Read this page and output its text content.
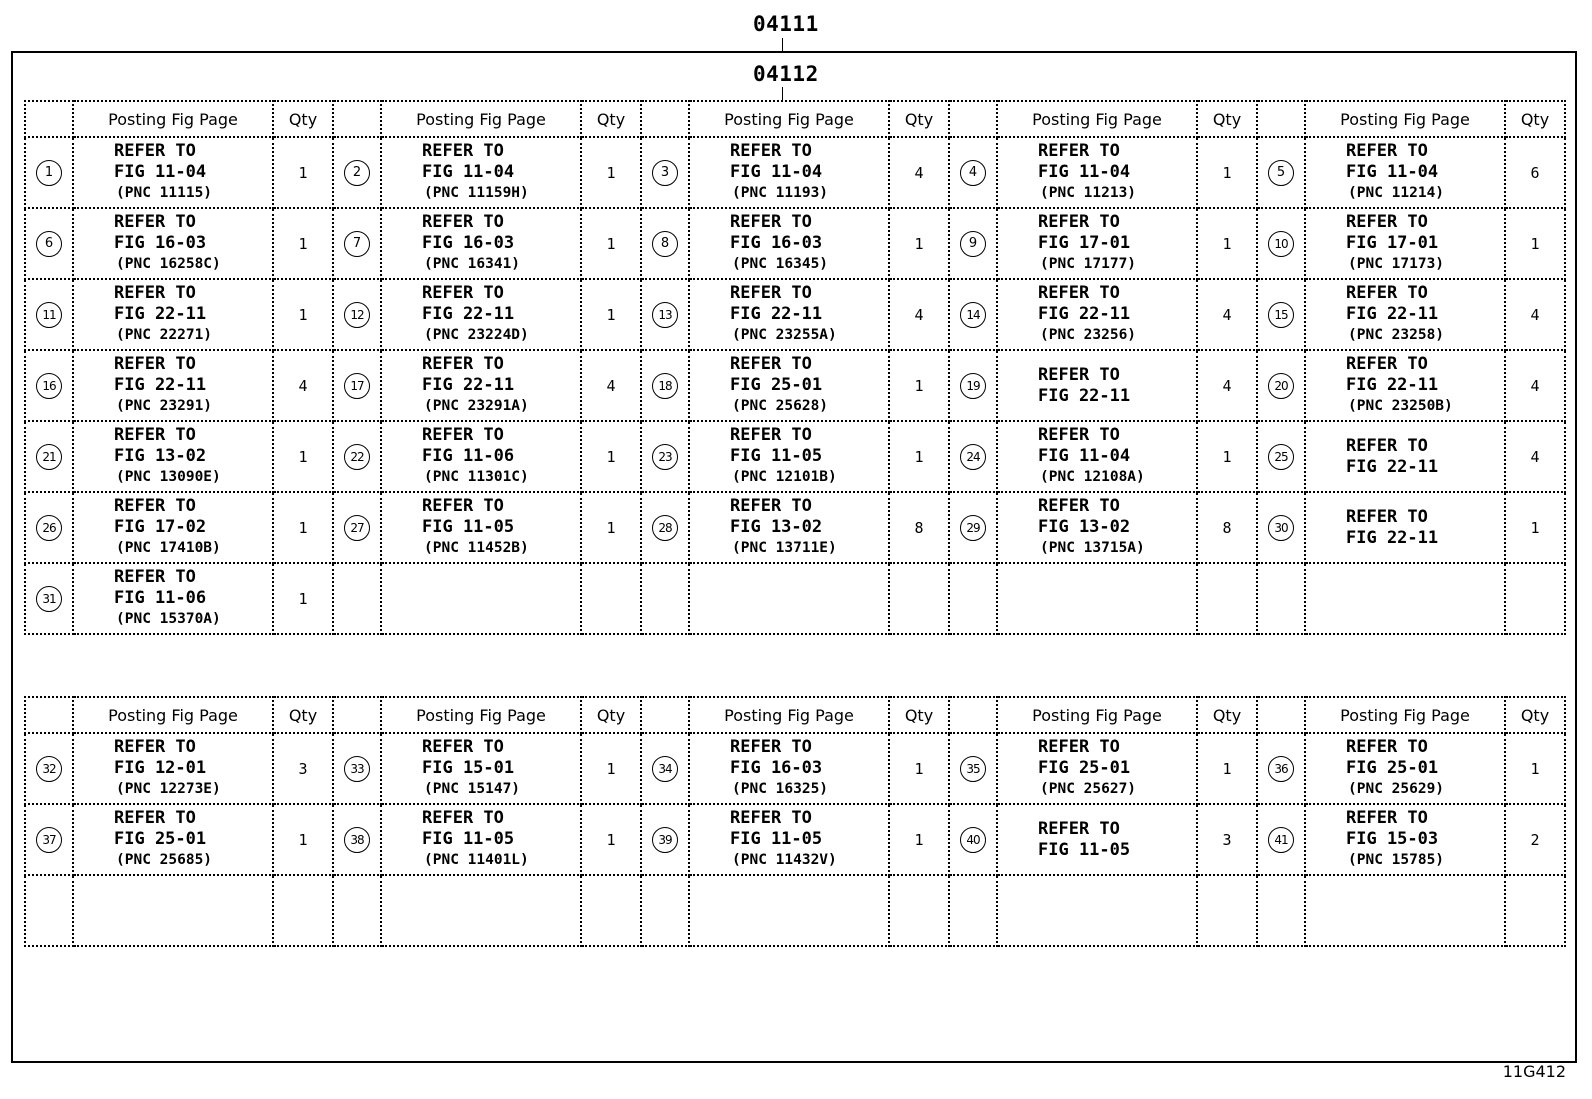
04111
04112
	Posting Fig Page	Qty		Posting Fig Page	Qty		Posting Fig Page	Qty		Posting Fig Page	Qty		Posting Fig Page	Qty
1	REFER TO
FIG 11-04
(PNC 11115)	1	2	REFER TO
FIG 11-04
(PNC 11159H)	1	3	REFER TO
FIG 11-04
(PNC 11193)	4	4	REFER TO
FIG 11-04
(PNC 11213)	1	5	REFER TO
FIG 11-04
(PNC 11214)	6
6	REFER TO
FIG 16-03
(PNC 16258C)	1	7	REFER TO
FIG 16-03
(PNC 16341)	1	8	REFER TO
FIG 16-03
(PNC 16345)	1	9	REFER TO
FIG 17-01
(PNC 17177)	1	10	REFER TO
FIG 17-01
(PNC 17173)	1
11	REFER TO
FIG 22-11
(PNC 22271)	1	12	REFER TO
FIG 22-11
(PNC 23224D)	1	13	REFER TO
FIG 22-11
(PNC 23255A)	4	14	REFER TO
FIG 22-11
(PNC 23256)	4	15	REFER TO
FIG 22-11
(PNC 23258)	4
16	REFER TO
FIG 22-11
(PNC 23291)	4	17	REFER TO
FIG 22-11
(PNC 23291A)	4	18	REFER TO
FIG 25-01
(PNC 25628)	1	19	REFER TO
FIG 22-11	4	20	REFER TO
FIG 22-11
(PNC 23250B)	4
21	REFER TO
FIG 13-02
(PNC 13090E)	1	22	REFER TO
FIG 11-06
(PNC 11301C)	1	23	REFER TO
FIG 11-05
(PNC 12101B)	1	24	REFER TO
FIG 11-04
(PNC 12108A)	1	25	REFER TO
FIG 22-11	4
26	REFER TO
FIG 17-02
(PNC 17410B)	1	27	REFER TO
FIG 11-05
(PNC 11452B)	1	28	REFER TO
FIG 13-02
(PNC 13711E)	8	29	REFER TO
FIG 13-02
(PNC 13715A)	8	30	REFER TO
FIG 22-11	1
31	REFER TO
FIG 11-06
(PNC 15370A)	1		

	Posting Fig Page	Qty		Posting Fig Page	Qty		Posting Fig Page	Qty		Posting Fig Page	Qty		Posting Fig Page	Qty
32	REFER TO
FIG 12-01
(PNC 12273E)	3	33	REFER TO
FIG 15-01
(PNC 15147)	1	34	REFER TO
FIG 16-03
(PNC 16325)	1	35	REFER TO
FIG 25-01
(PNC 25627)	1	36	REFER TO
FIG 25-01
(PNC 25629)	1
37	REFER TO
FIG 25-01
(PNC 25685)	1	38	REFER TO
FIG 11-05
(PNC 11401L)	1	39	REFER TO
FIG 11-05
(PNC 11432V)	1	40	REFER TO
FIG 11-05	3	41	REFER TO
FIG 15-03
(PNC 15785)	2

11G412
